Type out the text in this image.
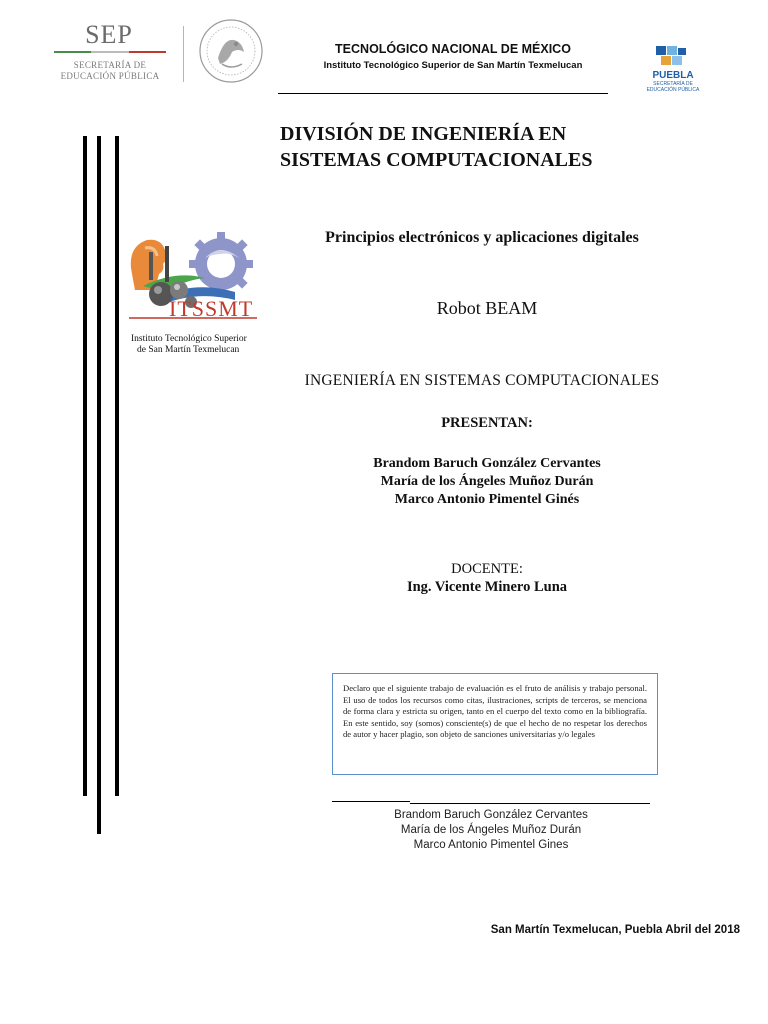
SEP
SECRETARÍA DE
EDUCACIÓN PÚBLICA
TECNOLÓGICO NACIONAL DE MÉXICO
Instituto Tecnológico Superior de San Martín Texmelucan
PUEBLA
SECRETARÍA DE
EDUCACIÓN PÚBLICA
DIVISIÓN DE INGENIERÍA EN
SISTEMAS COMPUTACIONALES
ITSSMT
Instituto Tecnológico Superior
de San Martín Texmelucan
Principios electrónicos y aplicaciones digitales
Robot BEAM
INGENIERÍA EN SISTEMAS COMPUTACIONALES
PRESENTAN:
Brandom Baruch González Cervantes
María de los Ángeles Muñoz Durán
Marco Antonio Pimentel Ginés
DOCENTE:
Ing. Vicente Minero Luna
Declaro que el siguiente trabajo de evaluación es el fruto de análisis y trabajo personal. El uso de todos los recursos como citas, ilustraciones, scripts de terceros, se menciona de forma clara y estricta su origen, tanto en el cuerpo del texto como en la bibliografía. En este sentido, soy (somos) consciente(s) de que el hecho de no respetar los derechos de autor y hacer plagio, son objeto de sanciones universitarias y/o legales
Brandom Baruch González Cervantes
María de los Ángeles Muñoz Durán
Marco Antonio Pimentel Gines
San Martín Texmelucan, Puebla Abril del 2018
